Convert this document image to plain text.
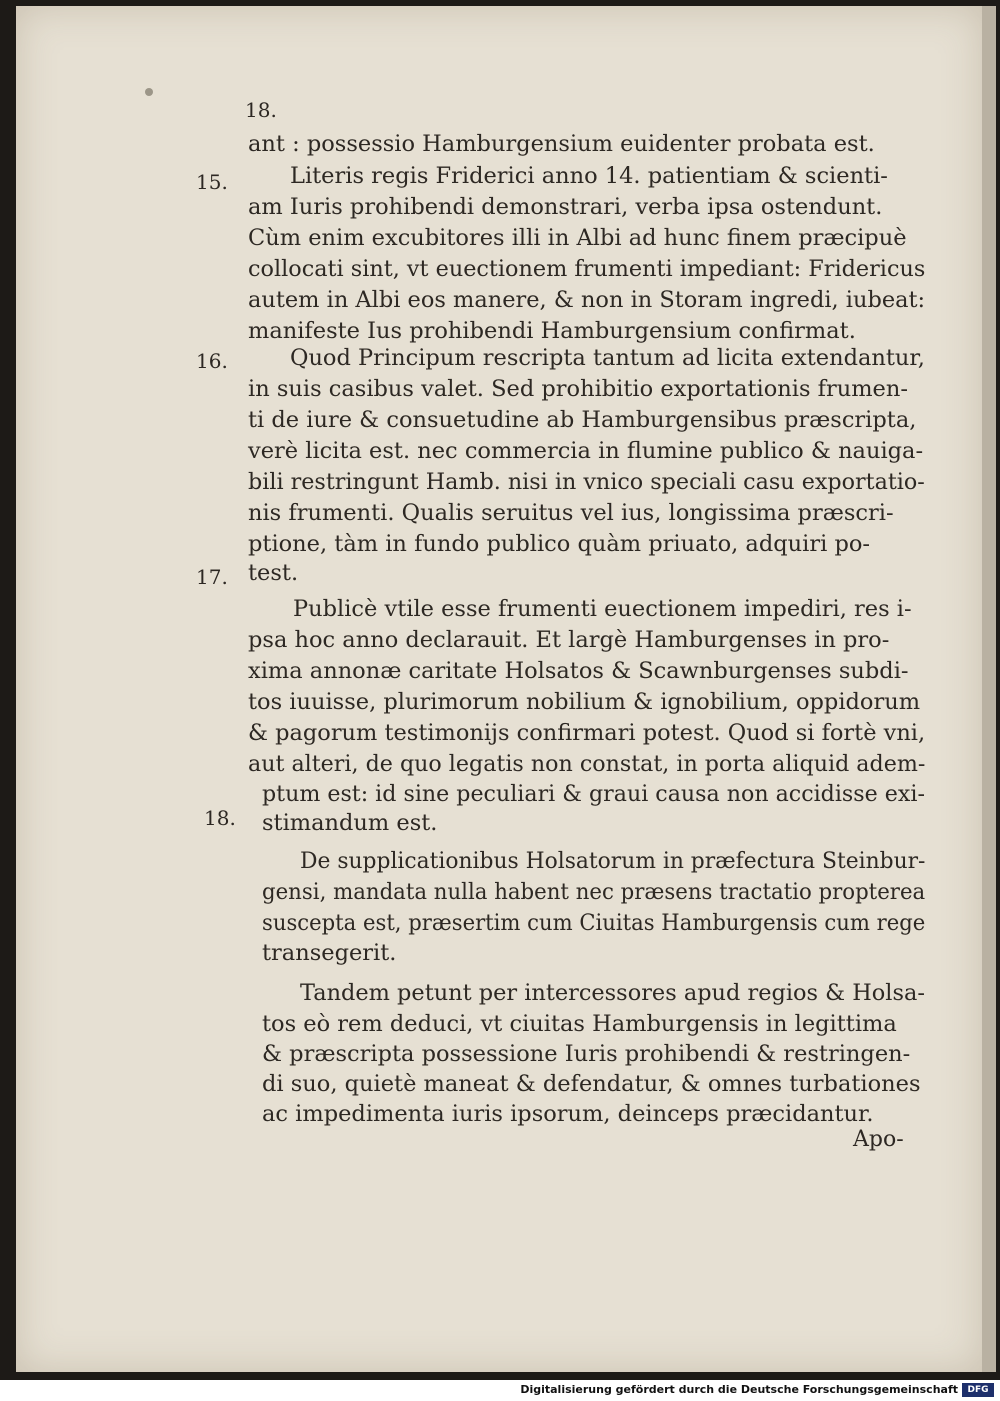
18.
15.
16.
17.
18.
ant : possessio Hamburgensium euidenter probata est.
Literis regis Friderici anno 14. patientiam & scienti-
am Iuris prohibendi demonstrari, verba ipsa ostendunt.
Cùm enim excubitores illi in Albi ad hunc finem præcipuè
collocati sint, vt euectionem frumenti impediant: Fridericus
autem in Albi eos manere, & non in Storam ingredi, iubeat:
manifeste Ius prohibendi Hamburgensium confirmat.
Quod Principum rescripta tantum ad licita extendantur,
in suis casibus valet. Sed prohibitio exportationis frumen-
ti de iure & consuetudine ab Hamburgensibus præscripta,
verè licita est. nec commercia in flumine publico & nauiga-
bili restringunt Hamb. nisi in vnico speciali casu exportatio-
nis frumenti. Qualis seruitus vel ius, longissima præscri-
ptione, tàm in fundo publico quàm priuato, adquiri po-
test.
Publicè vtile esse frumenti euectionem impediri, res i-
psa hoc anno declarauit. Et largè Hamburgenses in pro-
xima annonæ caritate Holsatos & Scawnburgenses subdi-
tos iuuisse, plurimorum nobilium & ignobilium, oppidorum
& pagorum testimonijs confirmari potest. Quod si fortè vni,
aut alteri, de quo legatis non constat, in porta aliquid adem-
ptum est: id sine peculiari & graui causa non accidisse exi-
stimandum est.
De supplicationibus Holsatorum in præfectura Steinbur-
gensi, mandata nulla habent nec præsens tractatio propterea
suscepta est, præsertim cum Ciuitas Hamburgensis cum rege
transegerit.
Tandem petunt per intercessores apud regios & Holsa-
tos eò rem deduci, vt ciuitas Hamburgensis in legittima
& præscripta possessione Iuris prohibendi & restringen-
di suo, quietè maneat & defendatur, & omnes turbationes
ac impedimenta iuris ipsorum, deinceps præcidantur.
Apo-
Digitalisierung gefördert durch die Deutsche Forschungsgemeinschaft	DFG
